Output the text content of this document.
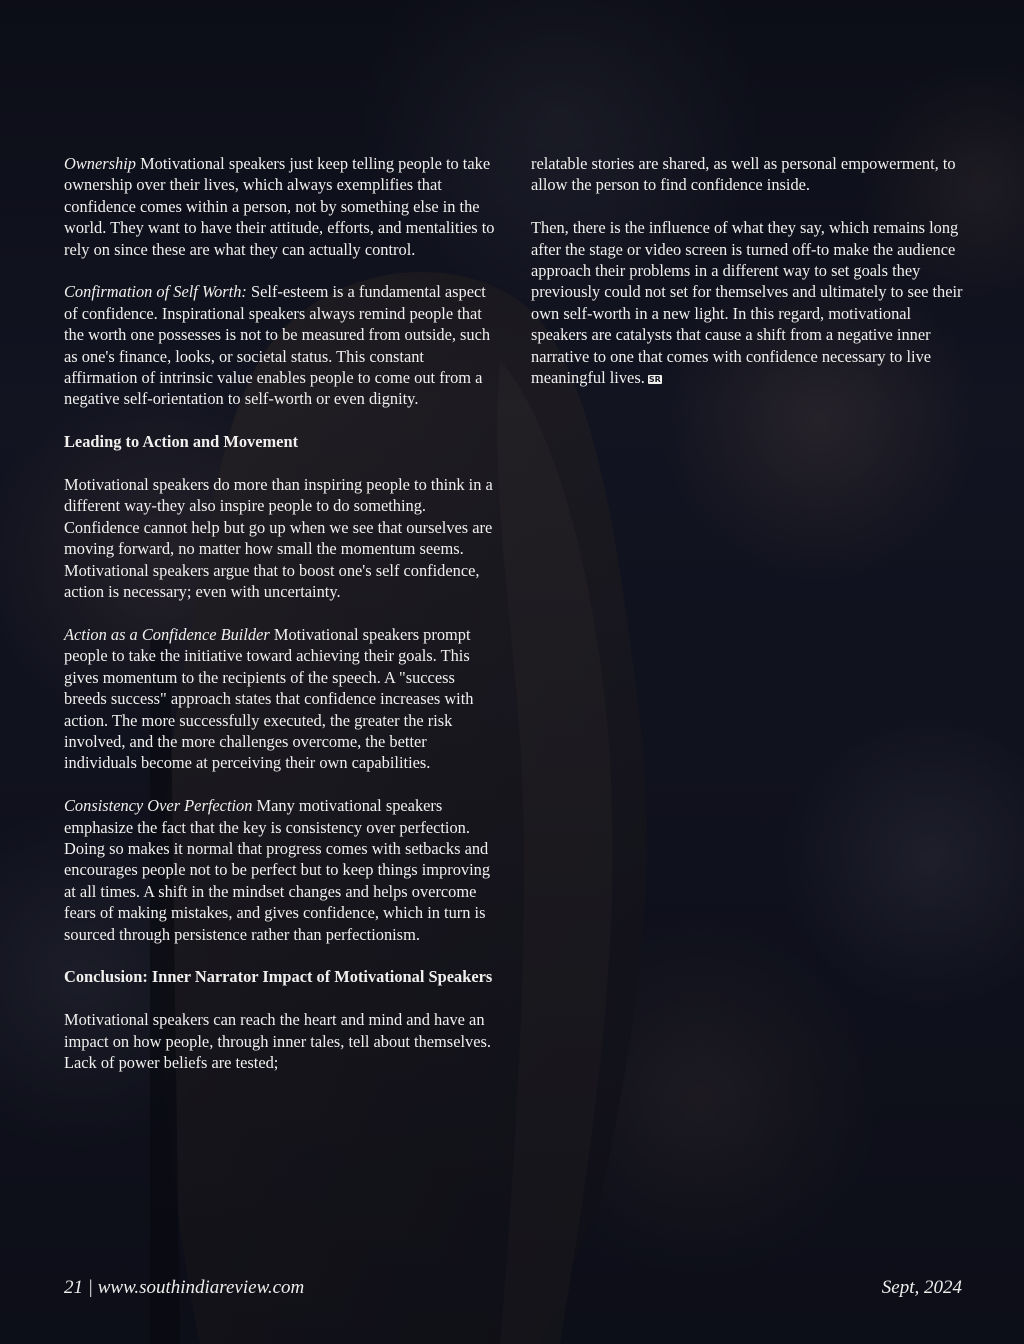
Ownership Motivational speakers just keep telling people to take ownership over their lives, which always exemplifies that confidence comes within a person, not by something else in the world. They want to have their attitude, efforts, and mentalities to rely on since these are what they can actually control.

Confirmation of Self Worth: Self-esteem is a fundamental aspect of confidence. Inspirational speakers always remind people that the worth one possesses is not to be measured from outside, such as one's finance, looks, or societal status. This constant affirmation of intrinsic value enables people to come out from a negative self-orientation to self-worth or even dignity.

Leading to Action and Movement

Motivational speakers do more than inspiring people to think in a different way-they also inspire people to do something. Confidence cannot help but go up when we see that ourselves are moving forward, no matter how small the momentum seems. Motivational speakers argue that to boost one's self confidence, action is necessary; even with uncertainty.

Action as a Confidence Builder Motivational speakers prompt people to take the initiative toward achieving their goals. This gives momentum to the recipients of the speech. A "success breeds success" approach states that confidence increases with action. The more successfully executed, the greater the risk involved, and the more challenges overcome, the better individuals become at perceiving their own capabilities.

Consistency Over Perfection Many motivational speakers emphasize the fact that the key is consistency over perfection. Doing so makes it normal that progress comes with setbacks and encourages people not to be perfect but to keep things improving at all times. A shift in the mindset changes and helps overcome fears of making mistakes, and gives confidence, which in turn is sourced through persistence rather than perfectionism.

Conclusion: Inner Narrator Impact of Motivational Speakers

Motivational speakers can reach the heart and mind and have an impact on how people, through inner tales, tell about themselves. Lack of power beliefs are tested;

relatable stories are shared, as well as personal empowerment, to allow the person to find confidence inside.

Then, there is the influence of what they say, which remains long after the stage or video screen is turned off-to make the audience approach their problems in a different way to set goals they previously could not set for themselves and ultimately to see their own self-worth in a new light. In this regard, motivational speakers are catalysts that cause a shift from a negative inner narrative to one that comes with confidence necessary to live meaningful lives. SR

21 | www.southindiareview.com	Sept, 2024
